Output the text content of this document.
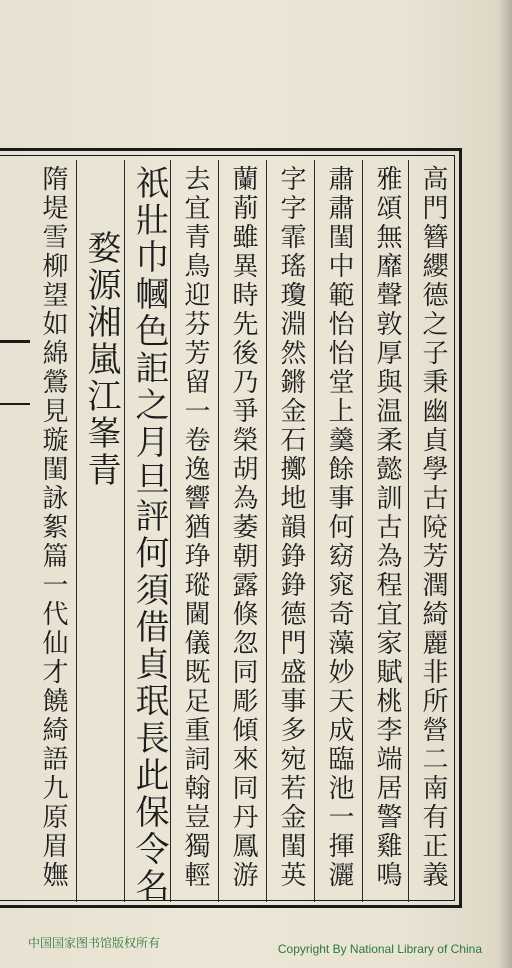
高門簪纓德之子秉幽貞學古𨺥芳潤綺麗非所營二南有正義
雅頌無靡聲敦厚與温柔懿訓古為程宜家賦桃李端居警雞鳴
肅肅閨中範怡怡堂上羹餘事何窈窕奇藻妙天成臨池一揮灑
字字霏瑤瓊淵然鏘金石擲地韻錚錚德門盛事多宛若金閨英
蘭萷雖異時先後乃爭榮胡為萎朝露倏忽同彫傾來同丹鳳游
去宜青鳥迎芬芳留一卷逸響猶琤瑽閫儀既足重詞翰豈獨輕
祇壯巾幗色詎之月旦評何須借貞珉長此保令名
婺源湘嵐江峯青
隋堤雪柳望如綿鶯見璇閨詠絮篇一代仙才饒綺語九原眉嫵
中国国家图书馆版权所有	Copyright By National Library of China
